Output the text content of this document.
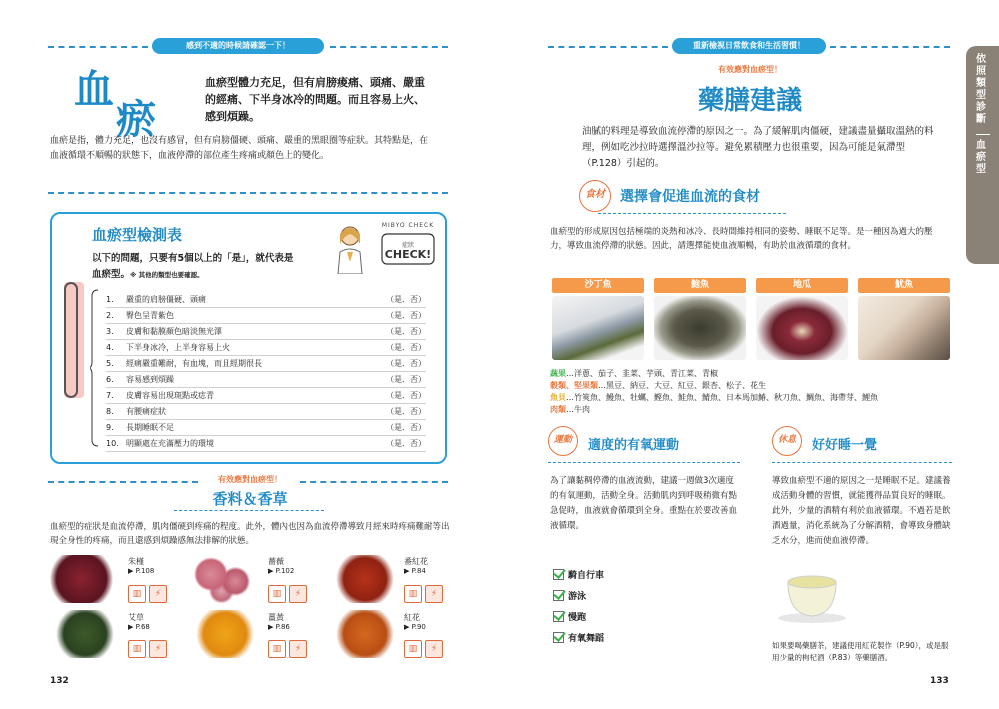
感到不適的時候請確認一下！
血
瘀
血瘀型體力充足，但有肩膀痠痛、頭痛、嚴重的經痛、下半身冰冷的問題。而且容易上火、感到煩躁。
血瘀是指，體力充足，也沒有感冒，但有肩膀僵硬、頭痛、嚴重的黑眼圈等症狀。其特點是，在血液循環不順暢的狀態下，血液停滯的部位產生疼痛或顏色上的變化。
血瘀型檢測表
以下的問題，只要有5個以上的「是」，就代表是
血瘀型。※ 其他的類型也要確認。
MIBYO CHECK
症狀
CHECK!
1.	嚴重的肩膀僵硬、頭痛	（是．否）
2.	臀色呈青紫色	（是．否）
3.	皮膚和黏膜顏色暗淡無光澤	（是．否）
4.	下半身冰冷，上半身容易上火	（是．否）
5.	經痛嚴重難耐，有血塊，而且經期很長	（是．否）
6.	容易感到煩躁	（是．否）
7.	皮膚容易出現斑點或痣青	（是．否）
8.	有腰痛症狀	（是．否）
9.	長期睡眠不足	（是．否）
10. 明顯處在充滿壓力的環境	（是．否）
有效應對血瘀型！
香料＆香草
血瘀型的症狀是血流停滯，肌肉僵硬到疼痛的程度。此外，體內也因為血流停滯導致月經來時疼痛難耐等出現全身性的疼痛，而且還感到煩躁感無法排解的狀態。
朱槿
▶ P.108
▥	⚡
薔薇
▶ P.102
▥	⚡
番紅花
▶ P.84
▥	⚡
艾草
▶ P.68
▥	⚡
薑黃
▶ P.86
▥	⚡
紅花
▶ P.90
▥	⚡
132
重新檢視日常飲食和生活習慣！
有效應對血瘀型！
藥膳建議
油膩的料理是導致血流停滯的原因之一。為了緩解肌肉僵硬，建議盡量攝取溫熱的料理，例如吃沙拉時選擇溫沙拉等。避免累積壓力也很重要，因為可能是氣滯型（P.128）引起的。
食材	選擇會促進血流的食材
血瘀型的形成原因包括極端的炎熱和冰冷、長時間維持相同的姿勢、睡眠不足等。是一種因為過大的壓力，導致血流停滯的狀態。因此，請選擇能使血液順暢，有助於血液循環的食材。
沙丁魚	鮑魚	地瓜	魷魚
蔬果…洋蔥、茄子、韭菜、芋頭、青江菜、青椒
穀類、堅果類…黑豆、納豆、大豆、紅豆、銀杏、松子、花生
魚貝…竹筴魚、鰻魚、牡蠣、鰹魚、鮭魚、鯖魚、日本馬加鰆、秋刀魚、鯛魚、海帶芽、鯉魚
肉類…牛肉
運動	適度的有氧運動
為了讓黏稠停滯的血液流動，建議一週做3次適度的有氧運動，活動全身。活動肌肉到呼吸稍微有點急促時，血液就會循環到全身。重點在於要改善血液循環。
騎自行車
游泳
慢跑
有氧舞蹈
休息	好好睡一覺
導致血瘀型不適的原因之一是睡眠不足。建議養成活動身體的習慣，就能獲得品質良好的睡眠。此外，少量的酒精有利於血液循環。不過若是飲酒過量，消化系統為了分解酒精，會導致身體缺乏水分，進而使血液停滯。
如果要喝藥膳茶，建議使用紅花製作（P.90），或是服用少量的枸杞酒（P.83）等藥膳酒。
依照類型診斷
血瘀型
133
